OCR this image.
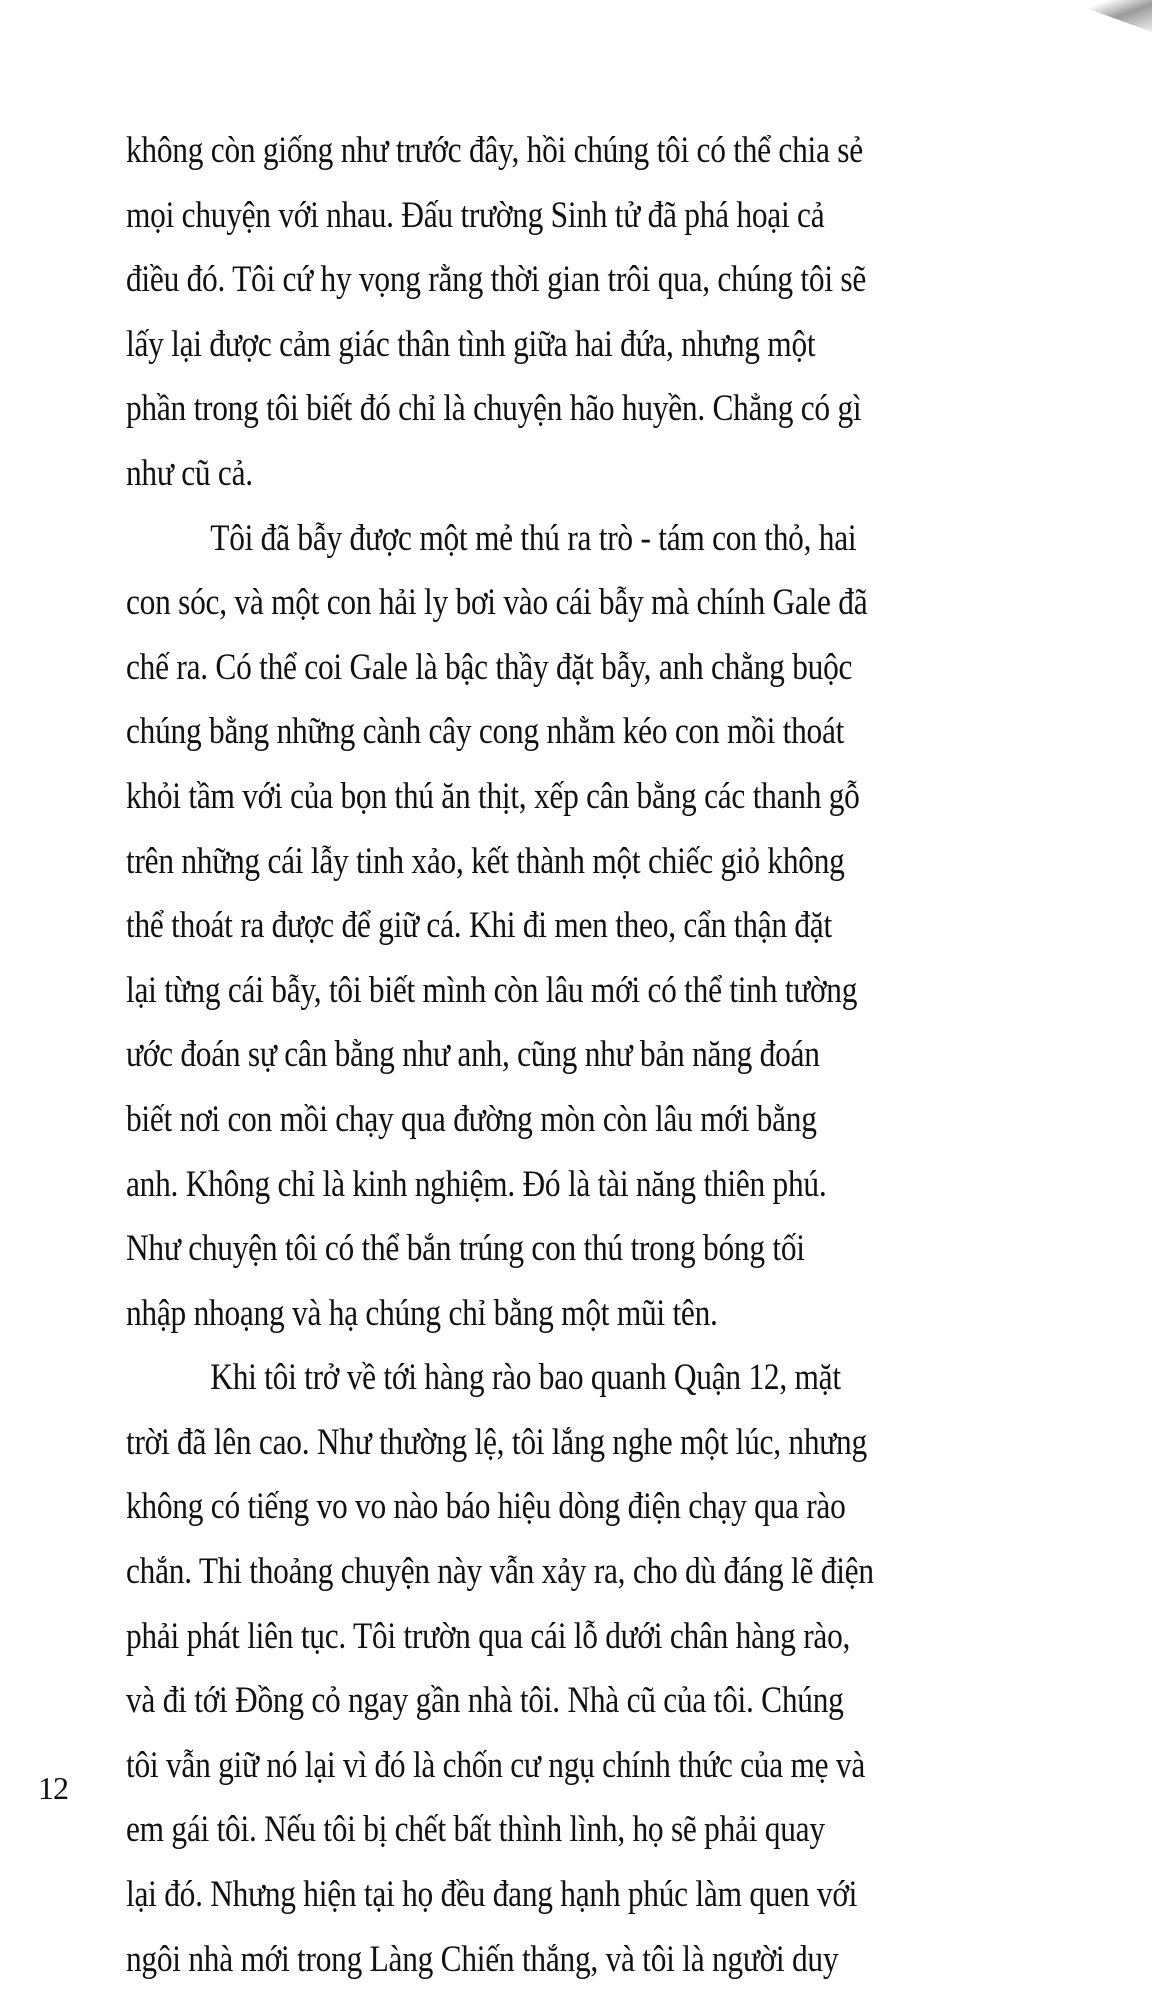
không còn giống như trước đây, hồi chúng tôi có thể chia sẻ
mọi chuyện với nhau. Đấu trường Sinh tử đã phá hoại cả
điều đó. Tôi cứ hy vọng rằng thời gian trôi qua, chúng tôi sẽ
lấy lại được cảm giác thân tình giữa hai đứa, nhưng một
phần trong tôi biết đó chỉ là chuyện hão huyền. Chẳng có gì
như cũ cả.
Tôi đã bẫy được một mẻ thú ra trò - tám con thỏ, hai
con sóc, và một con hải ly bơi vào cái bẫy mà chính Gale đã
chế ra. Có thể coi Gale là bậc thầy đặt bẫy, anh chằng buộc
chúng bằng những cành cây cong nhằm kéo con mồi thoát
khỏi tầm với của bọn thú ăn thịt, xếp cân bằng các thanh gỗ
trên những cái lẫy tinh xảo, kết thành một chiếc giỏ không
thể thoát ra được để giữ cá. Khi đi men theo, cẩn thận đặt
lại từng cái bẫy, tôi biết mình còn lâu mới có thể tinh tường
ước đoán sự cân bằng như anh, cũng như bản năng đoán
biết nơi con mồi chạy qua đường mòn còn lâu mới bằng
anh. Không chỉ là kinh nghiệm. Đó là tài năng thiên phú.
Như chuyện tôi có thể bắn trúng con thú trong bóng tối
nhập nhoạng và hạ chúng chỉ bằng một mũi tên.
Khi tôi trở về tới hàng rào bao quanh Quận 12, mặt
trời đã lên cao. Như thường lệ, tôi lắng nghe một lúc, nhưng
không có tiếng vo vo nào báo hiệu dòng điện chạy qua rào
chắn. Thi thoảng chuyện này vẫn xảy ra, cho dù đáng lẽ điện
phải phát liên tục. Tôi trườn qua cái lỗ dưới chân hàng rào,
và đi tới Đồng cỏ ngay gần nhà tôi. Nhà cũ của tôi. Chúng
tôi vẫn giữ nó lại vì đó là chốn cư ngụ chính thức của mẹ và
em gái tôi. Nếu tôi bị chết bất thình lình, họ sẽ phải quay
lại đó. Nhưng hiện tại họ đều đang hạnh phúc làm quen với
ngôi nhà mới trong Làng Chiến thắng, và tôi là người duy
12
